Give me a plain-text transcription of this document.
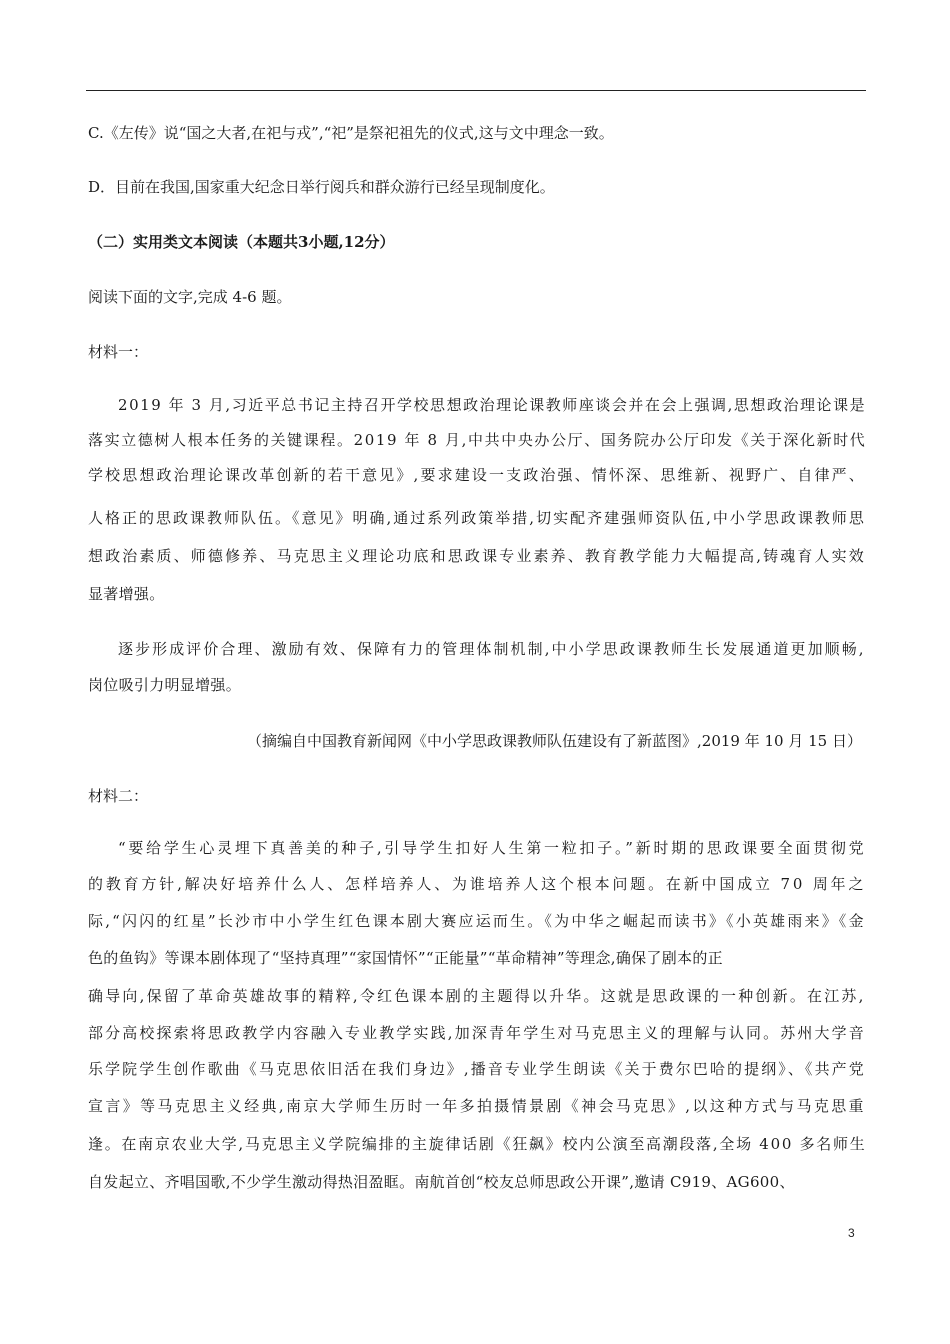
C.《左传》说“国之大者,在祀与戎”,“祀”是祭祀祖先的仪式,这与文中理念一致。
D．目前在我国,国家重大纪念日举行阅兵和群众游行已经呈现制度化。
（二）实用类文本阅读（本题共3小题,12分）
阅读下面的文字,完成 4-6 题。
材料一：
2019 年 3 月,习近平总书记主持召开学校思想政治理论课教师座谈会并在会上强调,思想政治理论课是
落实立德树人根本任务的关键课程。2019 年 8 月,中共中央办公厅、国务院办公厅印发《关于深化新时代
学校思想政治理论课改革创新的若干意见》,要求建设一支政治强、情怀深、思维新、视野广、自律严、
人格正的思政课教师队伍。《意见》明确,通过系列政策举措,切实配齐建强师资队伍,中小学思政课教师思
想政治素质、师德修养、马克思主义理论功底和思政课专业素养、教育教学能力大幅提高,铸魂育人实效
显著增强。
逐步形成评价合理、激励有效、保障有力的管理体制机制,中小学思政课教师生长发展通道更加顺畅,
岗位吸引力明显增强。
（摘编自中国教育新闻网《中小学思政课教师队伍建设有了新蓝图》,2019 年 10 月 15 日）
材料二：
“要给学生心灵埋下真善美的种子,引导学生扣好人生第一粒扣子。”新时期的思政课要全面贯彻党
的教育方针,解决好培养什么人、怎样培养人、为谁培养人这个根本问题。在新中国成立 70 周年之
际,“闪闪的红星”长沙市中小学生红色课本剧大赛应运而生。《为中华之崛起而读书》《小英雄雨来》《金
色的鱼钩》等课本剧体现了“坚持真理”“家国情怀”“正能量”“革命精神”等理念,确保了剧本的正
确导向,保留了革命英雄故事的精粹,令红色课本剧的主题得以升华。这就是思政课的一种创新。在江苏,
部分高校探索将思政教学内容融入专业教学实践,加深青年学生对马克思主义的理解与认同。苏州大学音
乐学院学生创作歌曲《马克思依旧活在我们身边》,播音专业学生朗读《关于费尔巴哈的提纲》、《共产党
宣言》等马克思主义经典,南京大学师生历时一年多拍摄情景剧《神会马克思》,以这种方式与马克思重
逢。在南京农业大学,马克思主义学院编排的主旋律话剧《狂飙》校内公演至高潮段落,全场 400 多名师生
自发起立、齐唱国歌,不少学生激动得热泪盈眶。南航首创“校友总师思政公开课”,邀请 C919、AG600、
3
